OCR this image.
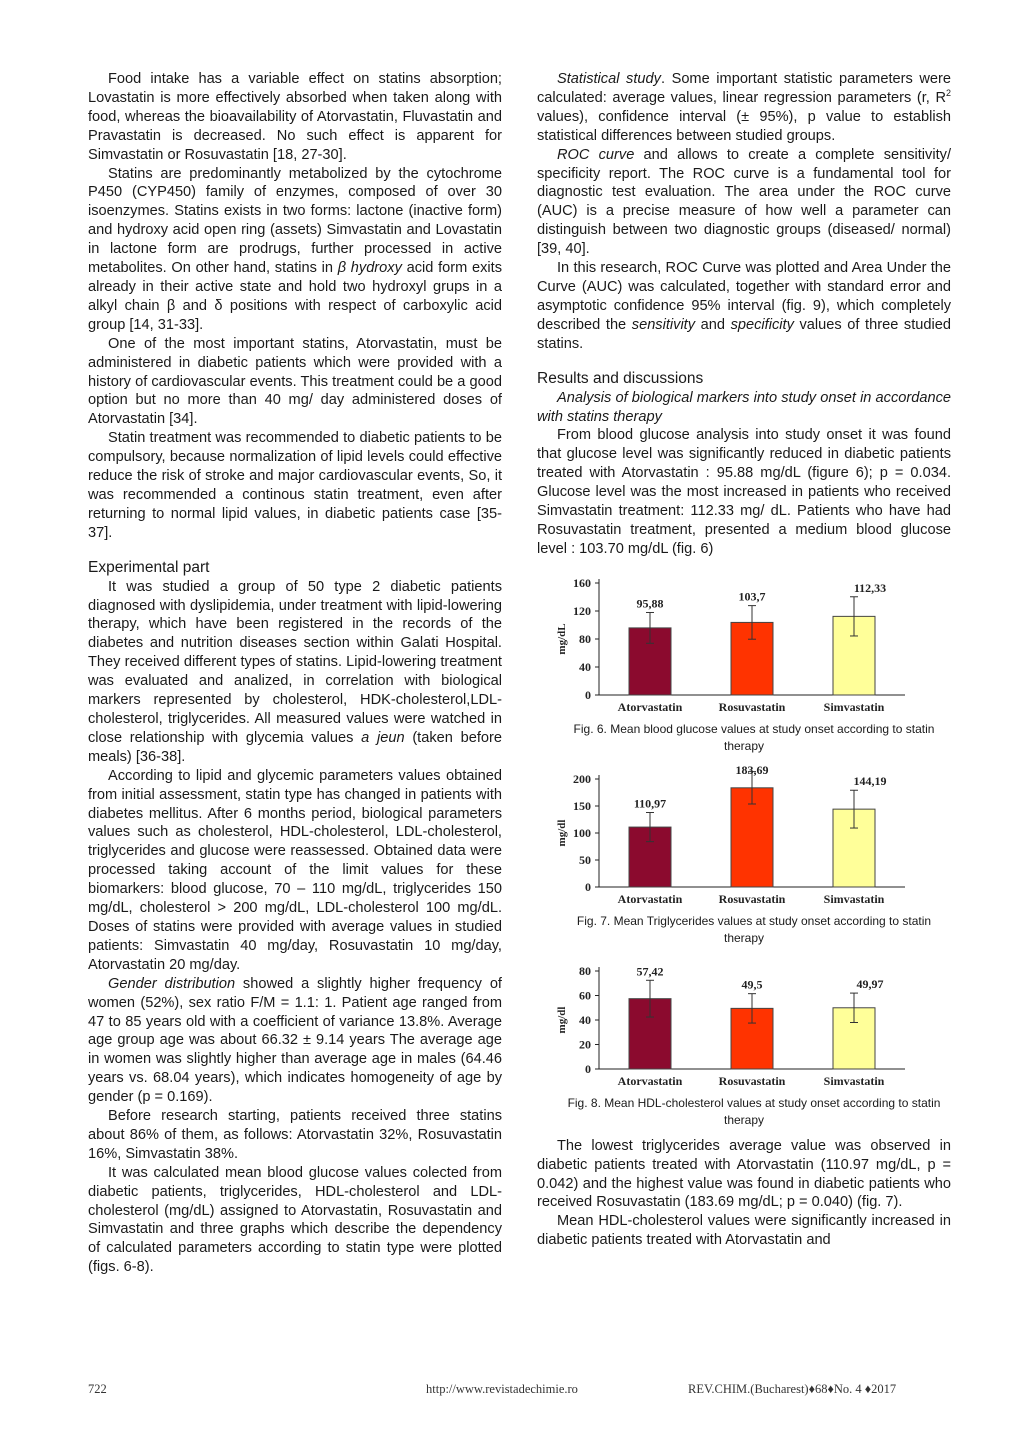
Food intake has a variable effect on statins absorption; Lovastatin is more effectively absorbed when taken along with food, whereas the bioavailability of Atorvastatin, Fluvastatin and Pravastatin is decreased. No such effect is apparent for Simvastatin or Rosuvastatin [18, 27-30].

Statins are predominantly metabolized by the cytochrome P450 (CYP450) family of enzymes, composed of over 30 isoenzymes. Statins exists in two forms: lactone (inactive form) and hydroxy acid open ring (assets) Simvastatin and Lovastatin in lactone form are prodrugs, further processed in active metabolites. On other hand, statins in β hydroxy acid form exits already in their active state and hold two hydroxyl grups in a alkyl chain β and δ positions with respect of carboxylic acid group [14, 31-33].

One of the most important statins, Atorvastatin, must be administered in diabetic patients which were provided with a history of cardiovascular events. This treatment could be a good option but no more than 40 mg/ day administered doses of Atorvastatin [34].

Statin treatment was recommended to diabetic patients to be compulsory, because normalization of lipid levels could effective reduce the risk of stroke and major cardiovascular events, So, it was recommended a continous statin treatment, even after returning to normal lipid values, in diabetic patients case [35-37].

Experimental part

It was studied a group of 50 type 2 diabetic patients diagnosed with dyslipidemia, under treatment with lipid-lowering therapy, which have been registered in the records of the diabetes and nutrition diseases section within Galati Hospital. They received different types of statins. Lipid-lowering treatment was evaluated and analized, in correlation with biological markers represented by cholesterol, HDK-cholesterol,LDL-cholesterol, triglycerides. All measured values were watched in close relationship with glycemia values a jeun (taken before meals) [36-38].

According to lipid and glycemic parameters values obtained from initial assessment, statin type has changed in patients with diabetes mellitus. After 6 months period, biological parameters values such as cholesterol, HDL-cholesterol, LDL-cholesterol, triglycerides and glucose were reassessed. Obtained data were processed taking account of the limit values for these biomarkers: blood glucose, 70 – 110 mg/dL, triglycerides 150 mg/dL, cholesterol > 200 mg/dL, LDL-cholesterol 100 mg/dL. Doses of statins were provided with average values in studied patients: Simvastatin 40 mg/day, Rosuvastatin 10 mg/day, Atorvastatin 20 mg/day.

Gender distribution showed a slightly higher frequency of women (52%), sex ratio F/M = 1.1: 1. Patient age ranged from 47 to 85 years old with a coefficient of variance 13.8%. Average age group age was about 66.32 ± 9.14 years The average age in women was slightly higher than average age in males (64.46 years vs. 68.04 years), which indicates homogeneity of age by gender (p = 0.169).

Before research starting, patients received three statins about 86% of them, as follows: Atorvastatin 32%, Rosuvastatin 16%, Simvastatin 38%.

It was calculated mean blood glucose values colected from diabetic patients, triglycerides, HDL-cholesterol and LDL-cholesterol (mg/dL) assigned to Atorvastatin, Rosuvastatin and Simvastatin and three graphs which describe the dependency of calculated parameters according to statin type were plotted (figs. 6-8).

Statistical study. Some important statistic parameters were calculated: average values, linear regression parameters (r, $R^2$ values), confidence interval (± 95%), p value to establish statistical differences between studied groups.

ROC curve and allows to create a complete sensitivity/ specificity report. The ROC curve is a fundamental tool for diagnostic test evaluation. The area under the ROC curve (AUC) is a precise measure of how well a parameter can distinguish between two diagnostic groups (diseased/ normal) [39, 40].

In this research, ROC Curve was plotted and Area Under the Curve (AUC) was calculated, together with standard error and asymptotic confidence 95% interval (fig. 9), which completely described the sensitivity and specificity values of three studied statins.

Results and discussions

Analysis of biological markers into study onset in accordance with statins therapy

From blood glucose analysis into study onset it was found that glucose level was significantly reduced in diabetic patients treated with Atorvastatin : 95.88 mg/dL (figure 6); p = 0.034. Glucose level was the most increased in patients who received Simvastatin treatment: 112.33 mg/ dL. Patients who have had Rosuvastatin treatment, presented a medium blood glucose level : 103.70 mg/dL (fig. 6)

0
40
80
120
160
mg/dL
95,88
Atorvastatin
103,7
Rosuvastatin
112,33
Simvastatin

Fig. 6. Mean blood glucose values at study onset according to statin therapy

0
50
100
150
200
mg/dl
110,97
Atorvastatin
183,69
Rosuvastatin
144,19
Simvastatin

Fig. 7. Mean Triglycerides values at study onset according to statin therapy

0
20
40
60
80
mg/dl
57,42
Atorvastatin
49,5
Rosuvastatin
49,97
Simvastatin

Fig. 8. Mean HDL-cholesterol values at study onset according to statin therapy

The lowest triglycerides average value was observed in diabetic patients treated with Atorvastatin (110.97 mg/dL, p = 0.042) and the highest value was found in diabetic patients who received Rosuvastatin (183.69 mg/dL; p = 0.040) (fig. 7).

Mean HDL-cholesterol values were significantly increased in diabetic patients treated with Atorvastatin and

722	http://www.revistadechimie.ro	REV.CHIM.(Bucharest)♦68♦No. 4 ♦2017
